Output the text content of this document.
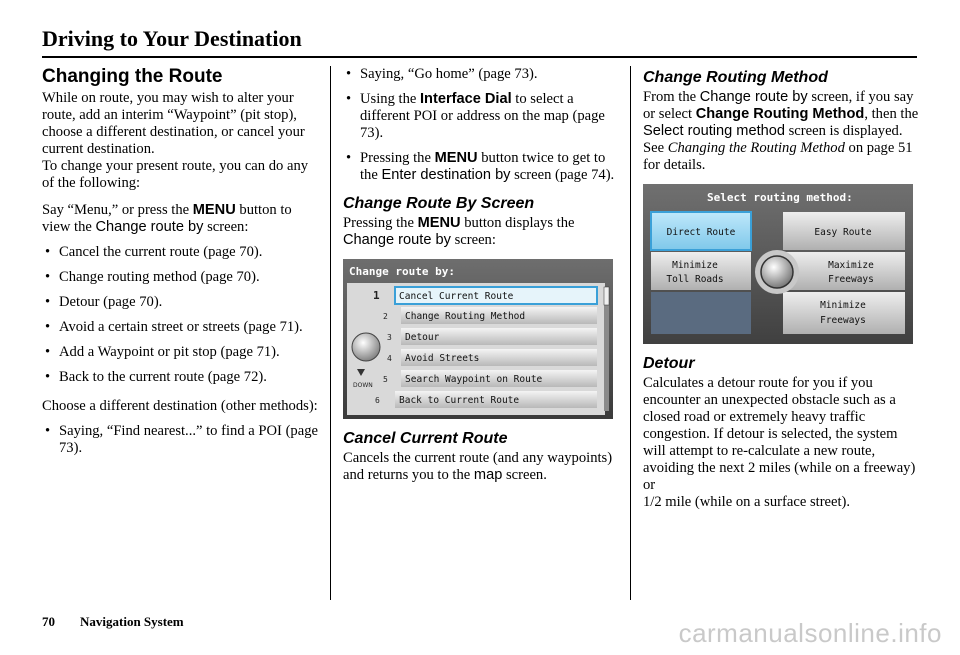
Driving to Your Destination
Changing the Route

While on route, you may wish to alter your route, add an interim “Waypoint” (pit stop), choose a different destination, or cancel your current destination.

To change your present route, you can do any of the following:

Say “Menu,” or press the MENU button to view the Change route by screen:

• Cancel the current route (page 70).
• Change routing method (page 70).
• Detour (page 70).
• Avoid a certain street or streets (page 71).
• Add a Waypoint or pit stop (page 71).
• Back to the current route (page 72).

Choose a different destination (other methods):

• Saying, “Find nearest...” to find a POI (page 73).
• Saying, “Go home” (page 73).
• Using the Interface Dial to select a different POI or address on the map (page 73).
• Pressing the MENU button twice to get to the Enter destination by screen (page 74).
Change Route By Screen

Pressing the MENU button displays the Change route by screen:

Change route by:
Cancel Current Route
Change Routing Method
Detour
Avoid Streets
Search Waypoint on Route
Back to Current Route
1
2
3
4
5
6
DOWN
Cancel Current Route

Cancels the current route (and any waypoints) and returns you to the map screen.

Change Routing Method

From the Change route by screen, if you say or select Change Routing Method, then the Select routing method screen is displayed. See Changing the Routing Method on page 51 for details.

Select routing method:
Direct Route	Easy Route
Minimize
Toll Roads
Maximize
Freeways
Minimize
Freeways
Detour

Calculates a detour route for you if you encounter an unexpected obstacle such as a closed road or extremely heavy traffic congestion. If detour is selected, the system will attempt to re-calculate a new route, avoiding the next 2 miles (while on a freeway) or

1/2 mile (while on a surface street).

70 Navigation System	carmanualsonline.info
